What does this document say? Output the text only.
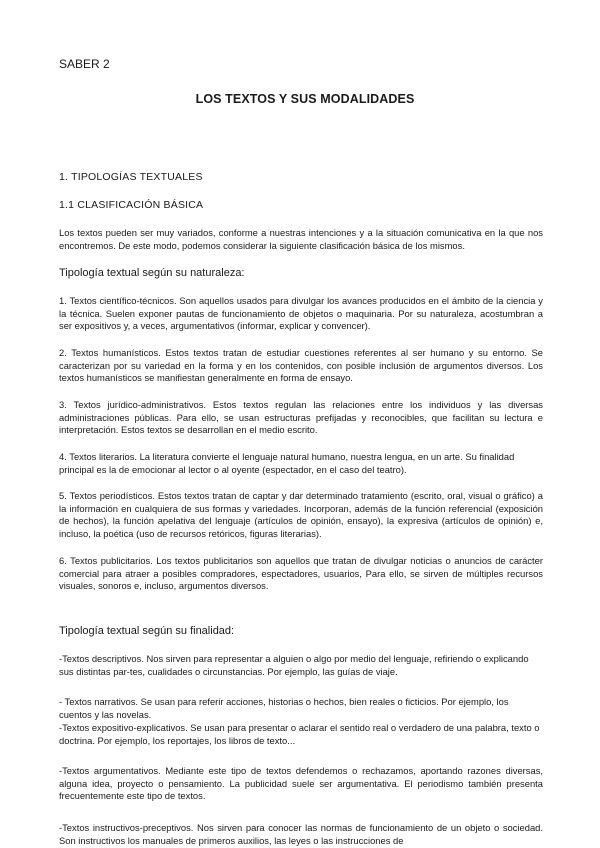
SABER 2
LOS TEXTOS Y SUS MODALIDADES
1. TIPOLOGÍAS TEXTUALES
1.1 CLASIFICACIÓN BÁSICA

Los textos pueden ser muy variados, conforme a nuestras intenciones y a la situación comunicativa en la que nos encontremos. De este modo, podemos considerar la siguiente clasificación básica de los mismos.

Tipología textual según su naturaleza:

1. Textos científico-técnicos. Son aquellos usados para divulgar los avances producidos en el ámbito de la ciencia y la técnica. Suelen exponer pautas de funcionamiento de objetos o maquinaria. Por su naturaleza, acostumbran a ser expositivos y, a veces, argumentativos (informar, explicar y convencer).

2. Textos humanísticos. Estos textos tratan de estudiar cuestiones referentes al ser humano y su entorno. Se caracterizan por su variedad en la forma y en los contenidos, con posible inclusión de argumentos diversos. Los textos humanísticos se manifiestan generalmente en forma de ensayo.

3. Textos jurídico-administrativos. Estos textos regulan las relaciones entre los individuos y las diversas administraciones públicas. Para ello, se usan estructuras prefijadas y reconocibles, que facilitan su lectura e interpretación. Estos textos se desarrollan en el medio escrito.

4. Textos literarios. La literatura convierte el lenguaje natural humano, nuestra lengua, en un arte. Su finalidad principal es la de emocionar al lector o al oyente (espectador, en el caso del teatro).

5. Textos periodísticos. Estos textos tratan de captar y dar determinado tratamiento (escrito, oral, visual o gráfico) a la información en cualquiera de sus formas y variedades. Incorporan, además de la función referencial (exposición de hechos), la función apelativa del lenguaje (artículos de opinión, ensayo), la expresiva (artículos de opinión) e, incluso, la poética (uso de recursos retóricos, figuras literarias).

6. Textos publicitarios. Los textos publicitarios son aquellos que tratan de divulgar noticias o anuncios de carácter comercial para atraer a posibles compradores, espectadores, usuarios, Para ello, se sirven de múltiples recursos visuales, sonoros e, incluso, argumentos diversos.

Tipología textual según su finalidad:

-Textos descriptivos. Nos sirven para representar a alguien o algo por medio del lenguaje, refiriendo o explicando sus distintas par-tes, cualidades o circunstancias. Por ejemplo, las guías de viaje.

- Textos narrativos. Se usan para referir acciones, historias o hechos, bien reales o ficticios. Por ejemplo, los cuentos y las novelas.

-Textos expositivo-explicativos. Se usan para presentar o aclarar el sentido real o verdadero de una palabra, texto o doctrina. Por ejemplo, los reportajes, los libros de texto...

-Textos argumentativos. Mediante este tipo de textos defendemos o rechazamos, aportando razones diversas, alguna idea, proyecto o pensamiento. La publicidad suele ser argumentativa. El periodismo también presenta frecuentemente este tipo de textos.

-Textos instructivos-preceptivos. Nos sirven para conocer las normas de funcionamiento de un objeto o sociedad. Son instructivos los manuales de primeros auxilios, las leyes o las instrucciones de
